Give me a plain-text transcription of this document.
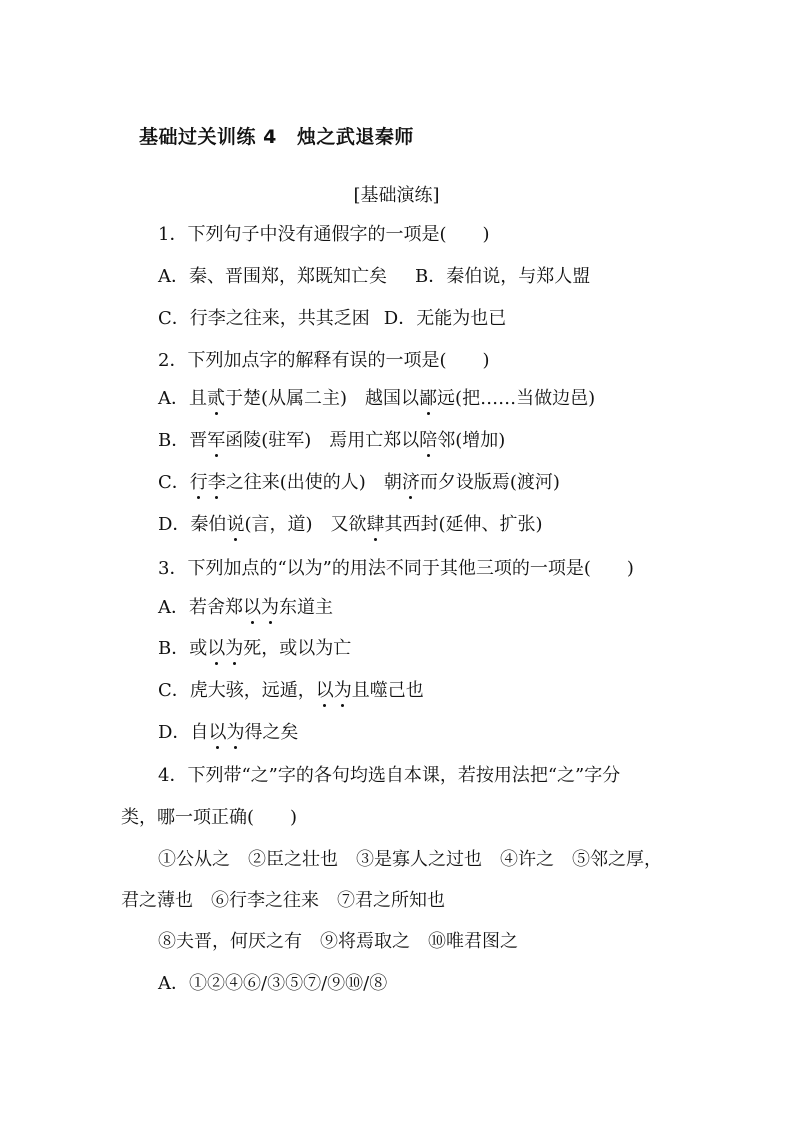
基础过关训练 4 烛之武退秦师
[基础演练]
1．下列句子中没有通假字的一项是(　　)
A．秦、晋围郑，郑既知亡矣 B．秦伯说，与郑人盟
C．行李之往来，共其乏困 D．无能为也已
2．下列加点字的解释有误的一项是(　　)
A．且贰于楚(从属二主) 越国以鄙远(把……当做边邑)
B．晋军函陵(驻军) 焉用亡郑以陪邻(增加)
C．行李之往来(出使的人) 朝济而夕设版焉(渡河)
D．秦伯说(言，道) 又欲肆其西封(延伸、扩张)
3．下列加点的“以为”的用法不同于其他三项的一项是(　　)
A．若舍郑以为东道主
B．或以为死，或以为亡
C．虎大骇，远遁，以为且噬己也
D．自以为得之矣
4．下列带“之”字的各句均选自本课，若按用法把“之”字分
类，哪一项正确(　　)
①公从之　②臣之壮也　③是寡人之过也　④许之　⑤邻之厚，
君之薄也　⑥行李之往来　⑦君之所知也
⑧夫晋，何厌之有　⑨将焉取之　⑩唯君图之
A．①②④⑥/③⑤⑦/⑨⑩/⑧
